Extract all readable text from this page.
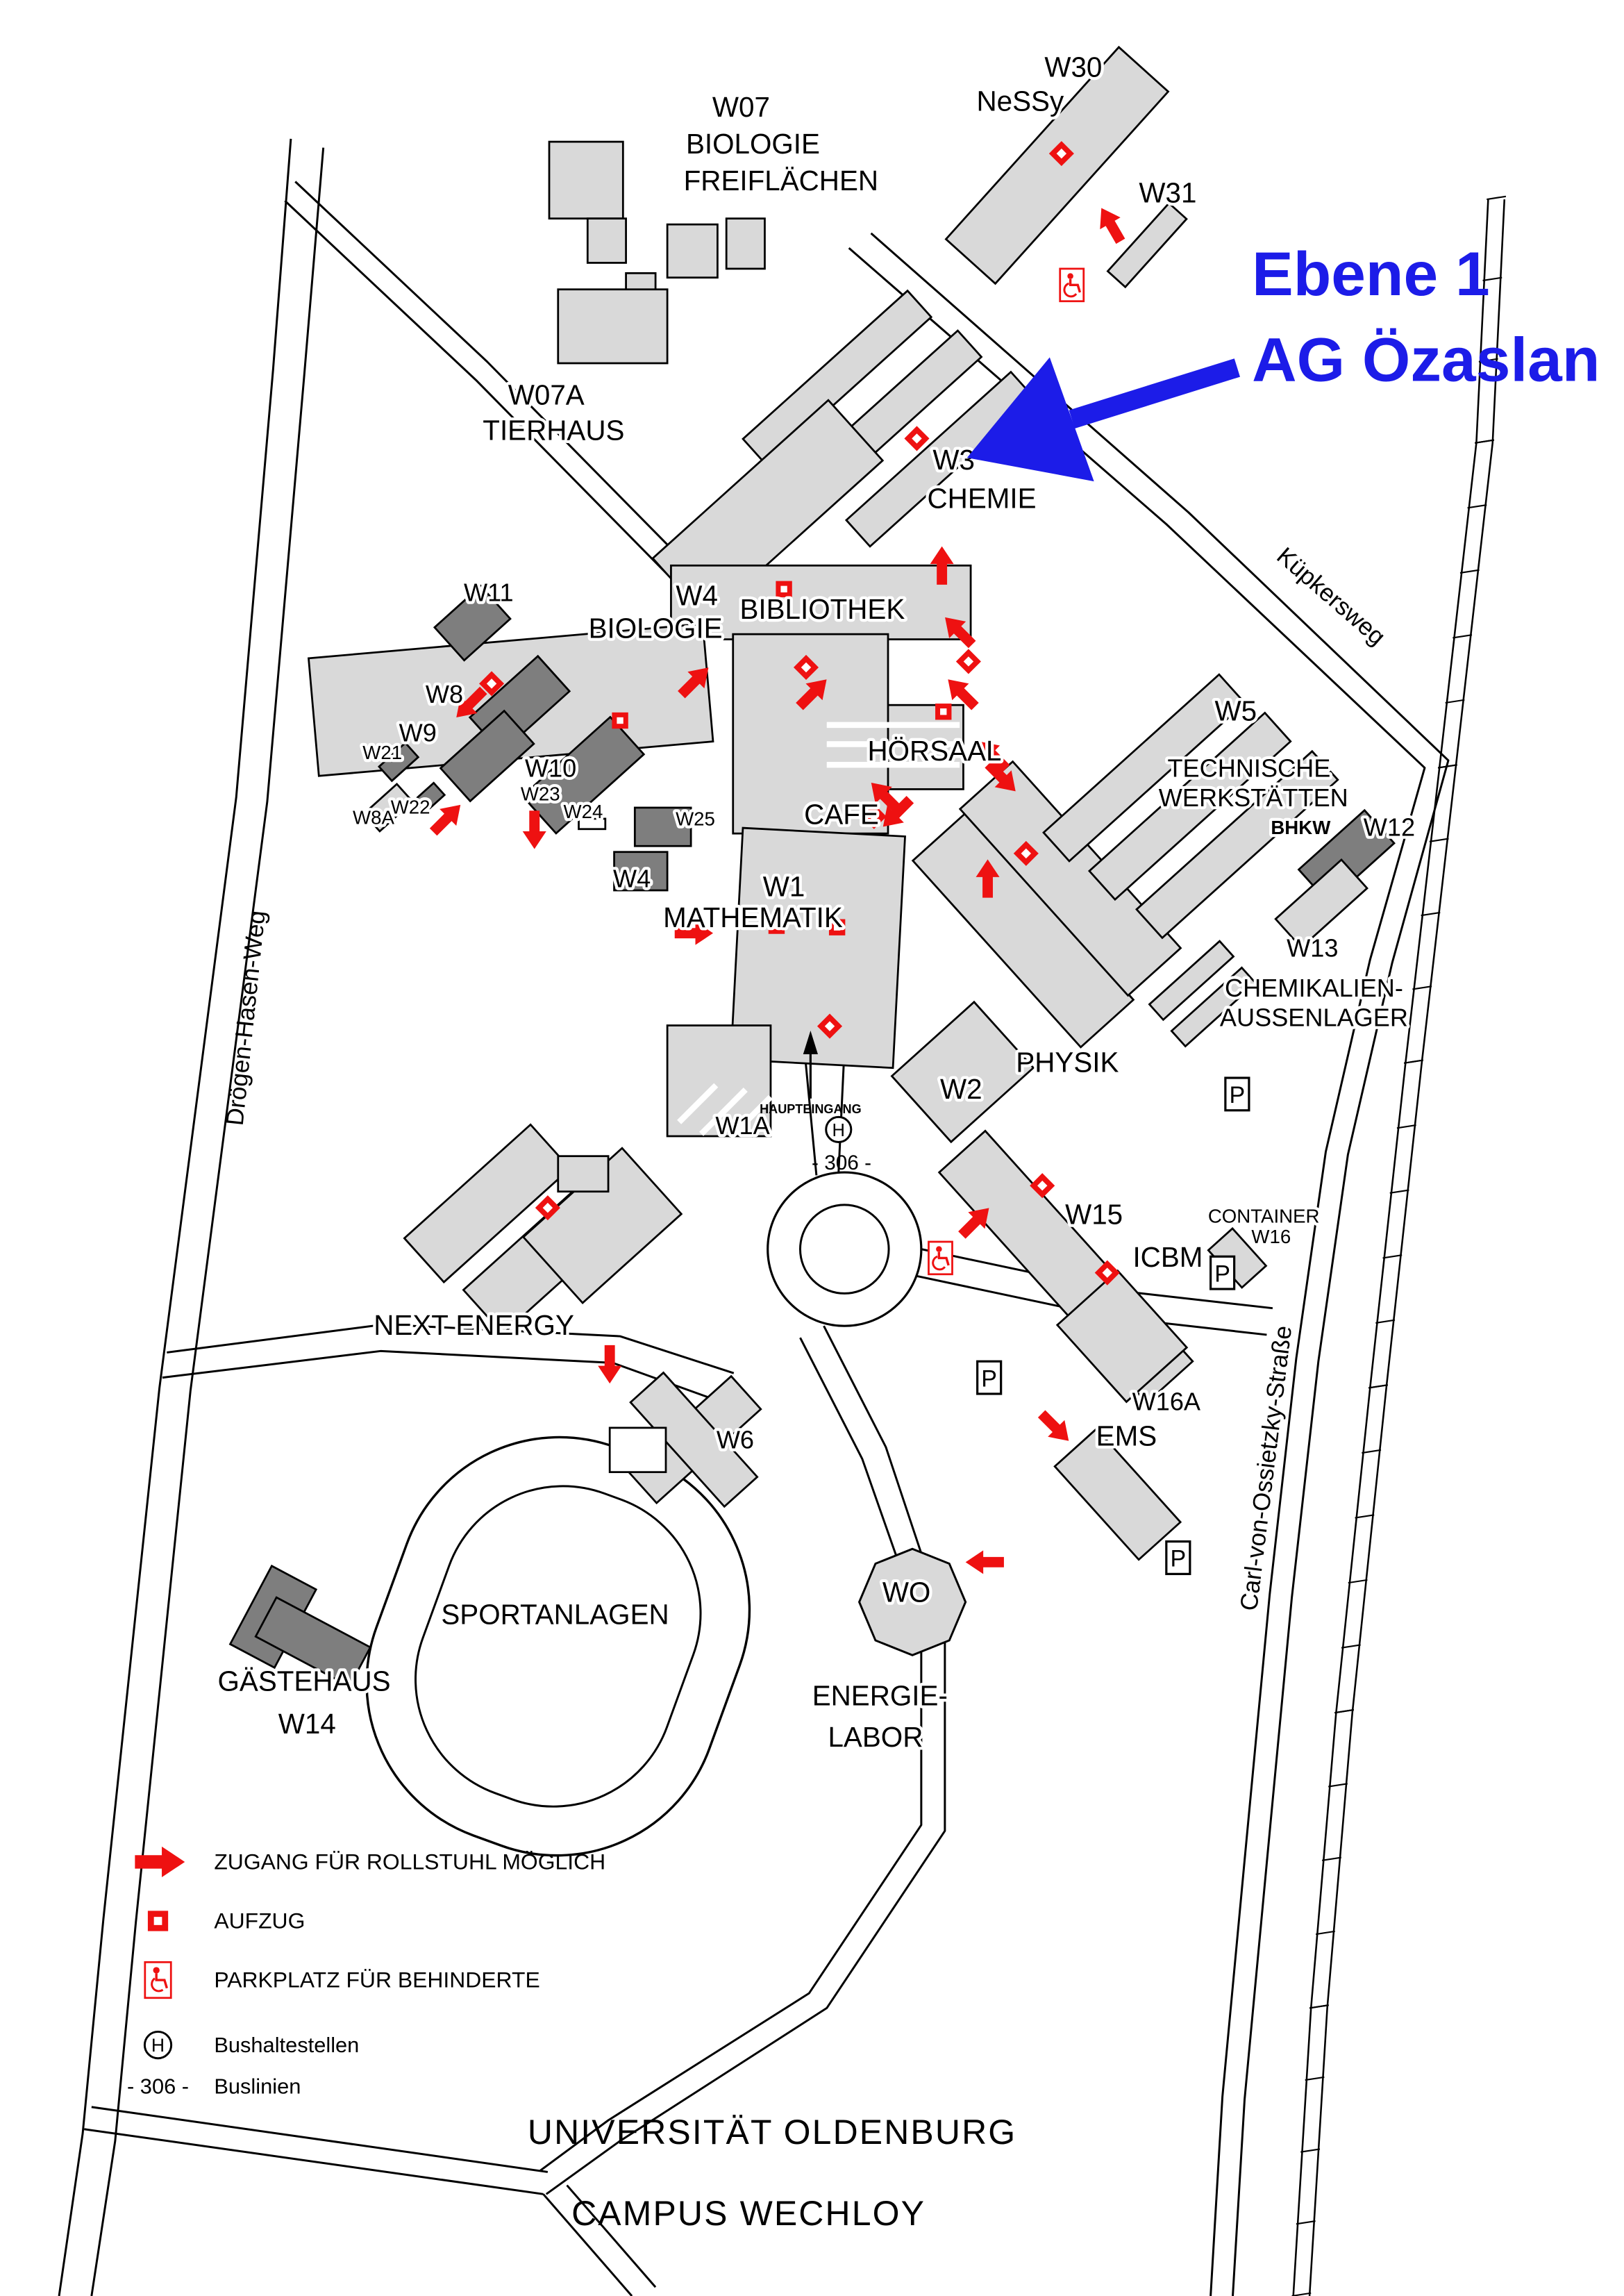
P
P
P
P
H
- 306 -
HAUPTEINGANG
W07
BIOLOGIE
FREIFLÄCHEN
W30
NeSSy
W31
W07A
TIERHAUS
W3
CHEMIE
W11	W4
BIOLOGIE
BIBLIOTHEK
W8
W9
W21
W22
W8A
W10
W23
W24	W25
W4
HÖRSAAL
CAFE
W5
TECHNISCHE
WERKSTÄTTEN
BHKW	W12
W13
CHEMIKALIEN-
AUSSENLAGER
W1
MATHEMATIK
W1A
PHYSIK
W2
W15
ICBM
CONTAINER
W16
W16A
EMS
NEXT ENERGY
W6
SPORTANLAGEN
GÄSTEHAUS
W14
WO
ENERGIE-
LABOR
Drögen-Hasen-Weg
Küpkersweg
Carl-von-Ossietzky-Straße
Ebene 1
AG Özaslan
ZUGANG FÜR ROLLSTUHL MÖGLICH
AUFZUG
PARKPLATZ FÜR BEHINDERTE
H	Bushaltestellen
- 306 -	Buslinien
UNIVERSITÄT OLDENBURG
CAMPUS WECHLOY
